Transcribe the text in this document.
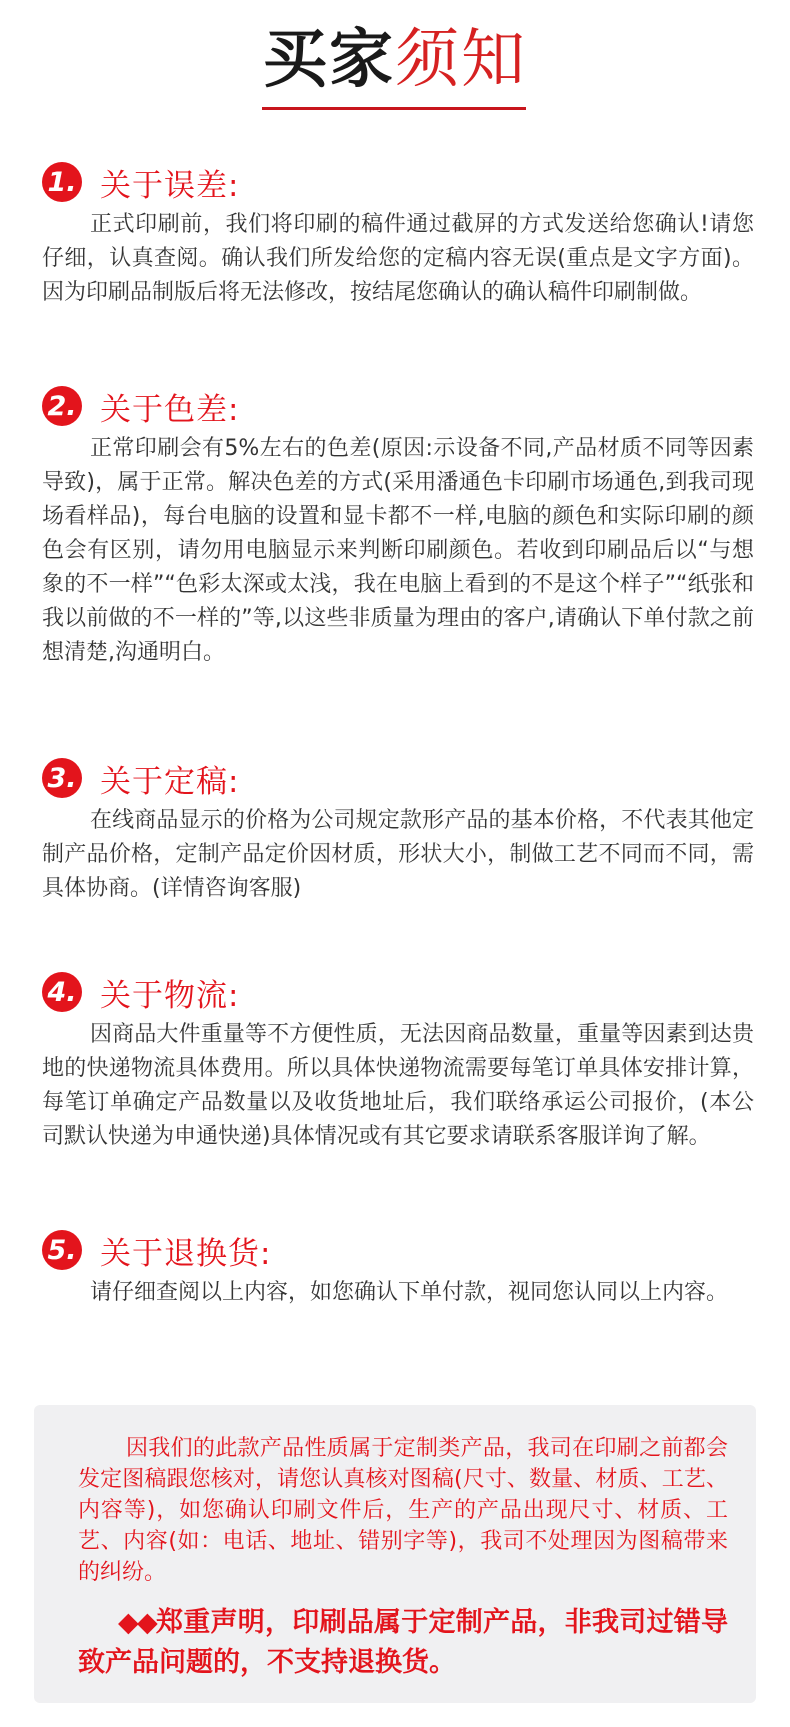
买家须知
1. 关于误差:

正式印刷前，我们将印刷的稿件通过截屏的方式发送给您确认!请您仔细，认真查阅。确认我们所发给您的定稿内容无误(重点是文字方面)。因为印刷品制版后将无法修改，按结尾您确认的确认稿件印刷制做。

2. 关于色差:

正常印刷会有5%左右的色差(原因:示设备不同,产品材质不同等因素导致)，属于正常。解决色差的方式(采用潘通色卡印刷市场通色,到我司现场看样品)，每台电脑的设置和显卡都不一样,电脑的颜色和实际印刷的颜色会有区别，请勿用电脑显示来判断印刷颜色。若收到印刷品后以“与想象的不一样”“色彩太深或太浅，我在电脑上看到的不是这个样子”“纸张和我以前做的不一样的”等,以这些非质量为理由的客户,请确认下单付款之前想清楚,沟通明白。

3. 关于定稿:

在线商品显示的价格为公司规定款形产品的基本价格，不代表其他定制产品价格，定制产品定价因材质，形状大小，制做工艺不同而不同，需具体协商。(详情咨询客服)

4. 关于物流:

因商品大件重量等不方便性质，无法因商品数量，重量等因素到达贵地的快递物流具体费用。所以具体快递物流需要每笔订单具体安排计算，每笔订单确定产品数量以及收货地址后，我们联络承运公司报价，(本公司默认快递为申通快递)具体情况或有其它要求请联系客服详询了解。

5. 关于退换货:

请仔细查阅以上内容，如您确认下单付款，视同您认同以上内容。

因我们的此款产品性质属于定制类产品，我司在印刷之前都会发定图稿跟您核对，请您认真核对图稿(尺寸、数量、材质、工艺、内容等)，如您确认印刷文件后，生产的产品出现尺寸、材质、工艺、内容(如：电话、地址、错别字等)，我司不处理因为图稿带来的纠纷。

◆◆郑重声明，印刷品属于定制产品，非我司过错导致产品问题的，不支持退换货。
